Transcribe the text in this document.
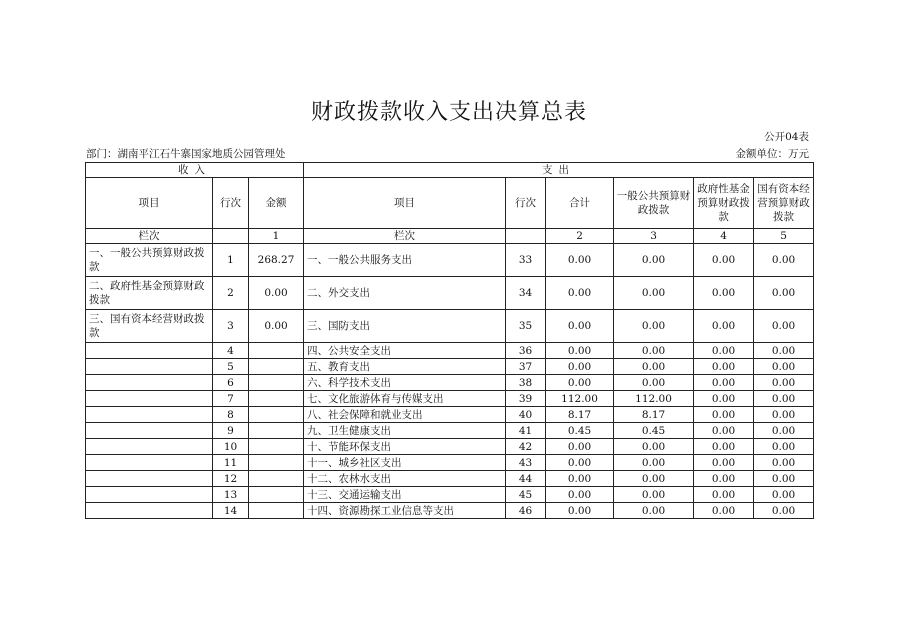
财政拨款收入支出决算总表
公开04表
部门：湖南平江石牛寨国家地质公园管理处	金额单位：万元
收入			支出					
项目	行次	金额	项目	行次	合计	一般公共预算财政拨款	政府性基金预算财政拨款	国有资本经营预算财政拨款
栏次		1	栏次		2	3	4	5
一、一般公共预算财政拨款	1	268.27	一、一般公共服务支出	33	0.00	0.00	0.00	0.00
二、政府性基金预算财政拨款	2	0.00	二、外交支出	34	0.00	0.00	0.00	0.00
三、国有资本经营财政拨款	3	0.00	三、国防支出	35	0.00	0.00	0.00	0.00
	4		四、公共安全支出	36	0.00	0.00	0.00	0.00
	5		五、教育支出	37	0.00	0.00	0.00	0.00
	6		六、科学技术支出	38	0.00	0.00	0.00	0.00
	7		七、文化旅游体育与传媒支出	39	112.00	112.00	0.00	0.00
	8		八、社会保障和就业支出	40	8.17	8.17	0.00	0.00
	9		九、卫生健康支出	41	0.45	0.45	0.00	0.00
	10		十、节能环保支出	42	0.00	0.00	0.00	0.00
	11		十一、城乡社区支出	43	0.00	0.00	0.00	0.00
	12		十二、农林水支出	44	0.00	0.00	0.00	0.00
	13		十三、交通运输支出	45	0.00	0.00	0.00	0.00
	14		十四、资源勘探工业信息等支出	46	0.00	0.00	0.00	0.00
